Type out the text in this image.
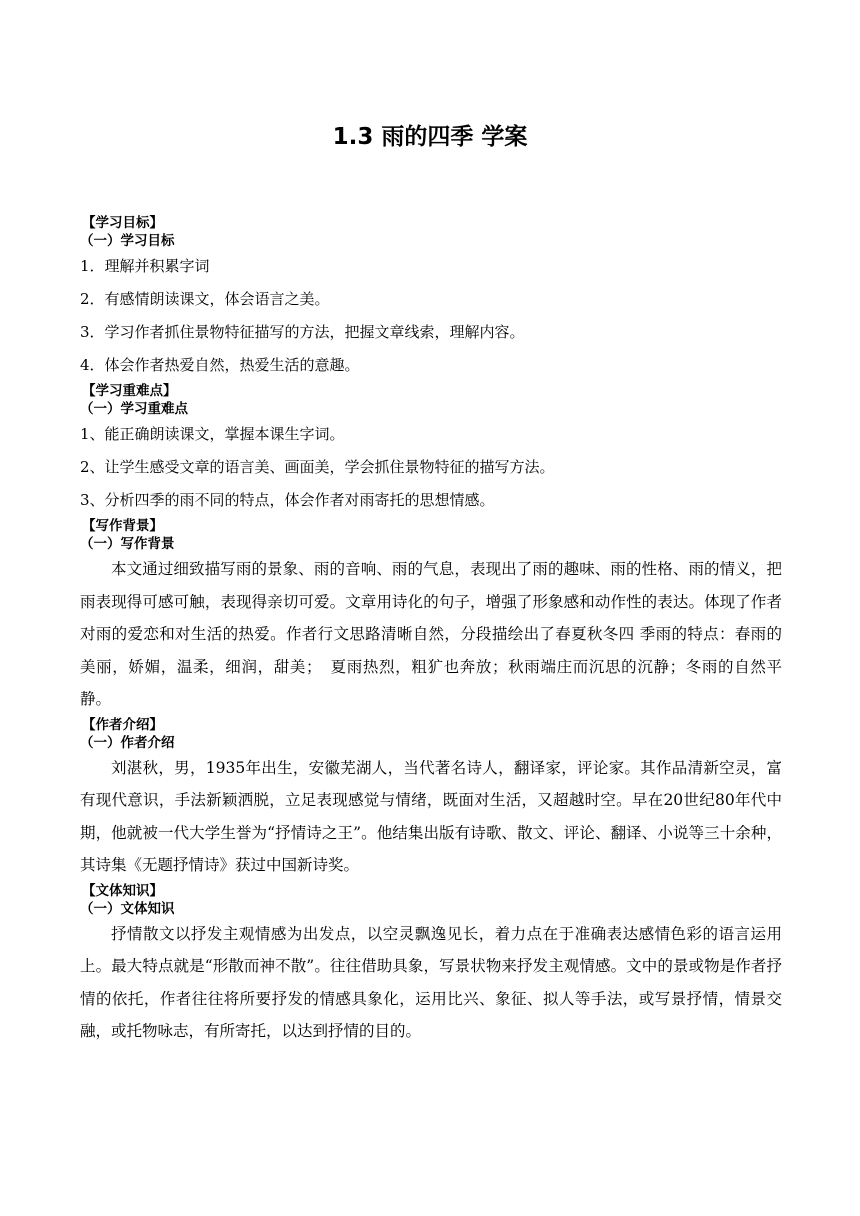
1.3 雨的四季 学案
【学习目标】
（一）学习目标
1．理解并积累字词
2．有感情朗读课文，体会语言之美。
3．学习作者抓住景物特征描写的方法，把握文章线索，理解内容。
4．体会作者热爱自然，热爱生活的意趣。
【学习重难点】
（一）学习重难点
1、能正确朗读课文，掌握本课生字词。
2、让学生感受文章的语言美、画面美，学会抓住景物特征的描写方法。
3、分析四季的雨不同的特点，体会作者对雨寄托的思想情感。
【写作背景】
（一）写作背景

本文通过细致描写雨的景象、雨的音响、雨的气息，表现出了雨的趣味、雨的性格、雨的情义，把雨表现得可感可触，表现得亲切可爱。文章用诗化的句子，增强了形象感和动作性的表达。体现了作者对雨的爱恋和对生活的热爱。作者行文思路清晰自然，分段描绘出了春夏秋冬四 季雨的特点：春雨的美丽，娇媚，温柔，细润，甜美；　夏雨热烈，粗犷也奔放；秋雨端庄而沉思的沉静；冬雨的自然平静。

【作者介绍】
（一）作者介绍

刘湛秋，男，1935年出生，安徽芜湖人，当代著名诗人，翻译家，评论家。其作品清新空灵，富有现代意识，手法新颖洒脱，立足表现感觉与情绪，既面对生活，又超越时空。早在20世纪80年代中期，他就被一代大学生誉为“抒情诗之王”。他结集出版有诗歌、散文、评论、翻译、小说等三十余种，其诗集《无题抒情诗》获过中国新诗奖。

【文体知识】
（一）文体知识

抒情散文以抒发主观情感为出发点，以空灵飘逸见长，着力点在于准确表达感情色彩的语言运用上。最大特点就是“形散而神不散”。往往借助具象，写景状物来抒发主观情感。文中的景或物是作者抒情的依托，作者往往将所要抒发的情感具象化，运用比兴、象征、拟人等手法，或写景抒情，情景交融，或托物咏志，有所寄托，以达到抒情的目的。
